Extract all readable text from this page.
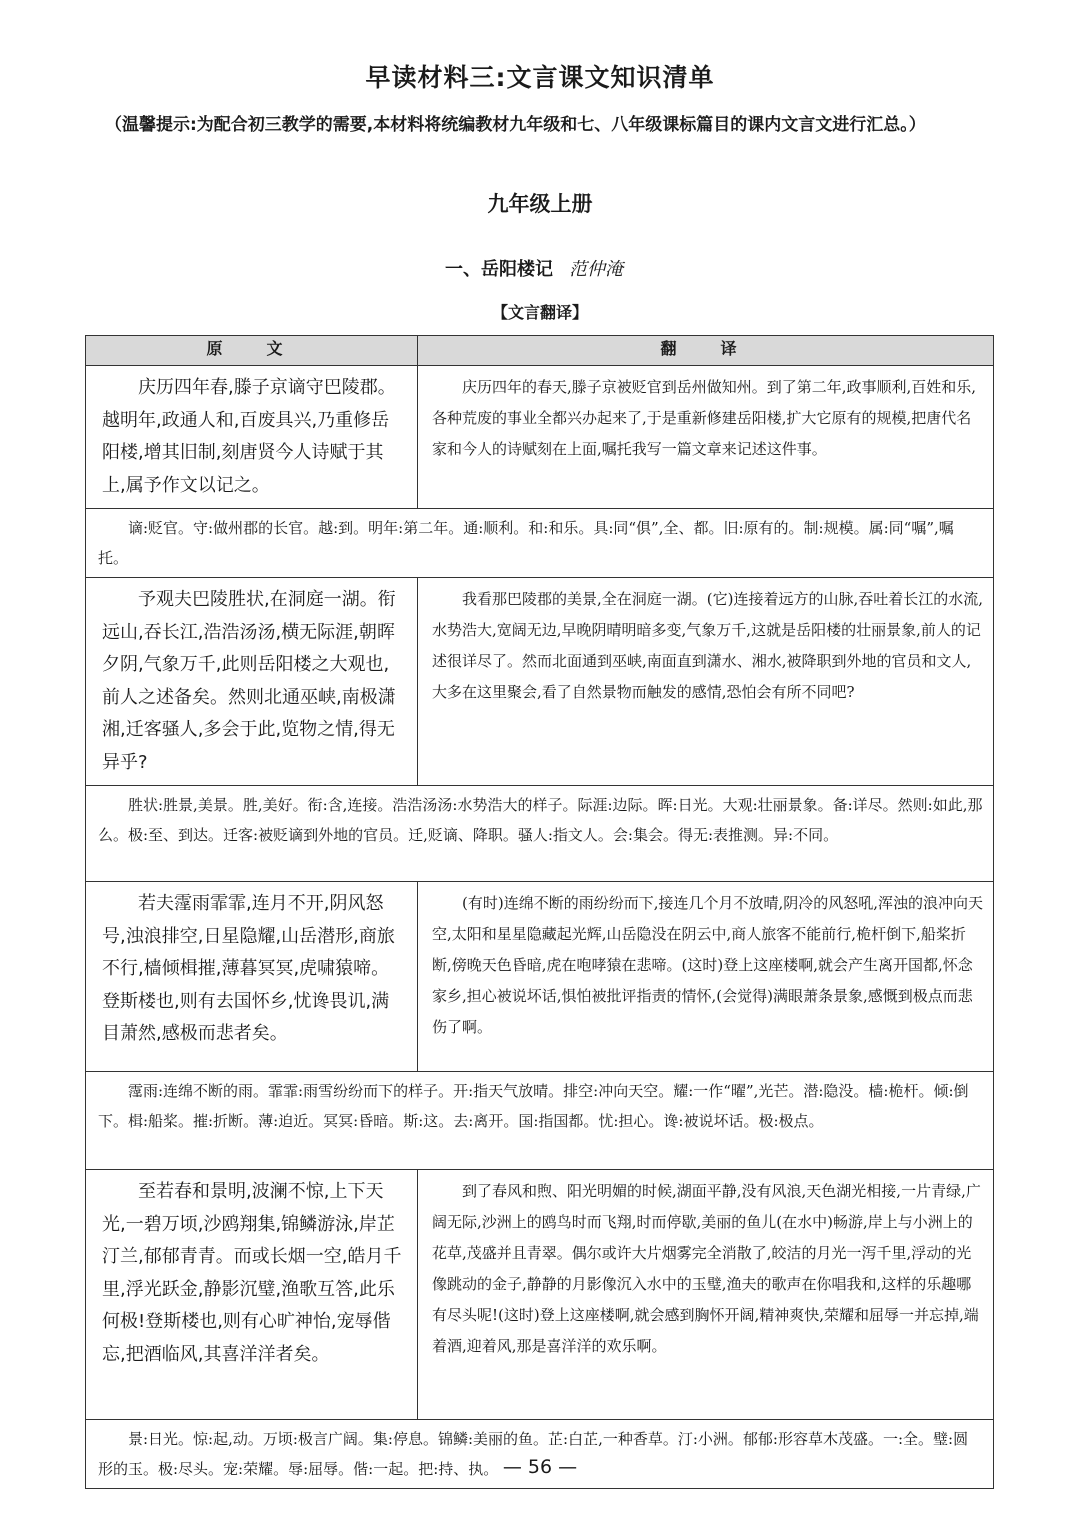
早读材料三:文言课文知识清单
（温馨提示:为配合初三教学的需要,本材料将统编教材九年级和七、八年级课标篇目的课内文言文进行汇总。）
九年级上册
一、岳阳楼记 范仲淹
【文言翻译】
原　文	翻　译
庆历四年春,滕子京谪守巴陵郡。越明年,政通人和,百废具兴,乃重修岳阳楼,增其旧制,刻唐贤今人诗赋于其上,属予作文以记之。	庆历四年的春天,滕子京被贬官到岳州做知州。到了第二年,政事顺利,百姓和乐,各种荒废的事业全都兴办起来了,于是重新修建岳阳楼,扩大它原有的规模,把唐代名家和今人的诗赋刻在上面,嘱托我写一篇文章来记述这件事。
谪:贬官。守:做州郡的长官。越:到。明年:第二年。通:顺利。和:和乐。具:同“俱”,全、都。旧:原有的。制:规模。属:同“嘱”,嘱托。	
予观夫巴陵胜状,在洞庭一湖。衔远山,吞长江,浩浩汤汤,横无际涯,朝晖夕阴,气象万千,此则岳阳楼之大观也,前人之述备矣。然则北通巫峡,南极潇湘,迁客骚人,多会于此,览物之情,得无异乎?	我看那巴陵郡的美景,全在洞庭一湖。(它)连接着远方的山脉,吞吐着长江的水流,水势浩大,宽阔无边,早晚阴晴明暗多变,气象万千,这就是岳阳楼的壮丽景象,前人的记述很详尽了。然而北面通到巫峡,南面直到潇水、湘水,被降职到外地的官员和文人,大多在这里聚会,看了自然景物而触发的感情,恐怕会有所不同吧?
胜状:胜景,美景。胜,美好。衔:含,连接。浩浩汤汤:水势浩大的样子。际涯:边际。晖:日光。大观:壮丽景象。备:详尽。然则:如此,那么。极:至、到达。迁客:被贬谪到外地的官员。迁,贬谪、降职。骚人:指文人。会:集会。得无:表推测。异:不同。	
若夫霪雨霏霏,连月不开,阴风怒号,浊浪排空,日星隐耀,山岳潜形,商旅不行,樯倾楫摧,薄暮冥冥,虎啸猿啼。登斯楼也,则有去国怀乡,忧谗畏讥,满目萧然,感极而悲者矣。	(有时)连绵不断的雨纷纷而下,接连几个月不放晴,阴冷的风怒吼,浑浊的浪冲向天空,太阳和星星隐藏起光辉,山岳隐没在阴云中,商人旅客不能前行,桅杆倒下,船桨折断,傍晚天色昏暗,虎在咆哮猿在悲啼。(这时)登上这座楼啊,就会产生离开国都,怀念家乡,担心被说坏话,惧怕被批评指责的情怀,(会觉得)满眼萧条景象,感慨到极点而悲伤了啊。
霪雨:连绵不断的雨。霏霏:雨雪纷纷而下的样子。开:指天气放晴。排空:冲向天空。耀:一作“曜”,光芒。潜:隐没。樯:桅杆。倾:倒下。楫:船桨。摧:折断。薄:迫近。冥冥:昏暗。斯:这。去:离开。国:指国都。忧:担心。谗:被说坏话。极:极点。	
至若春和景明,波澜不惊,上下天光,一碧万顷,沙鸥翔集,锦鳞游泳,岸芷汀兰,郁郁青青。而或长烟一空,皓月千里,浮光跃金,静影沉璧,渔歌互答,此乐何极!登斯楼也,则有心旷神怡,宠辱偕忘,把酒临风,其喜洋洋者矣。	到了春风和煦、阳光明媚的时候,湖面平静,没有风浪,天色湖光相接,一片青绿,广阔无际,沙洲上的鸥鸟时而飞翔,时而停歇,美丽的鱼儿(在水中)畅游,岸上与小洲上的花草,茂盛并且青翠。偶尔或许大片烟雾完全消散了,皎洁的月光一泻千里,浮动的光像跳动的金子,静静的月影像沉入水中的玉璧,渔夫的歌声在你唱我和,这样的乐趣哪有尽头呢!(这时)登上这座楼啊,就会感到胸怀开阔,精神爽快,荣耀和屈辱一并忘掉,端着酒,迎着风,那是喜洋洋的欢乐啊。
景:日光。惊:起,动。万顷:极言广阔。集:停息。锦鳞:美丽的鱼。芷:白芷,一种香草。汀:小洲。郁郁:形容草木茂盛。一:全。璧:圆形的玉。极:尽头。宠:荣耀。辱:屈辱。偕:一起。把:持、执。	— 56 —
